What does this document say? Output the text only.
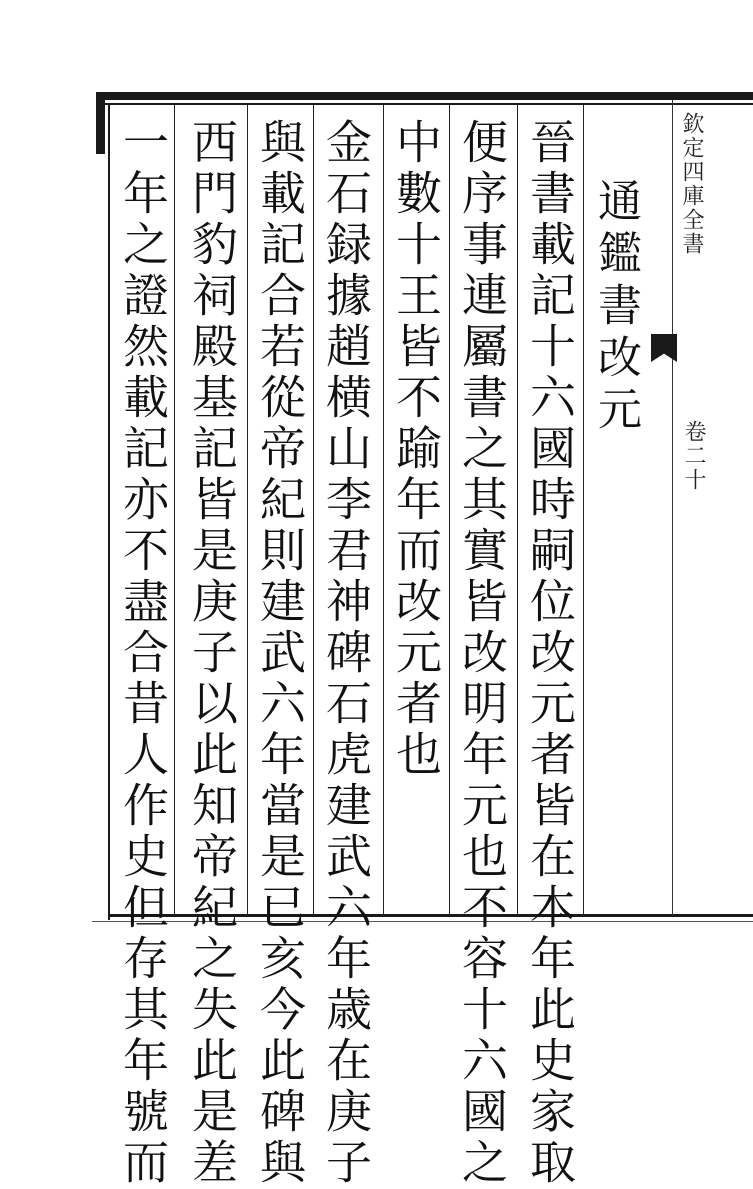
欽定四庫全書
卷二十
通鑑書改元
晉書載記十六國時嗣位改元者皆在本年此史家取
便序事連屬書之其實皆改明年元也不容十六國之
中數十王皆不踰年而改元者也
金石録據趙横山李君神碑石虎建武六年歳在庚子
與載記合若從帝紀則建武六年當是已亥今此碑與
西門豹祠殿基記皆是庚子以此知帝紀之失此是差
一年之證然載記亦不盡合昔人作史但存其年號而
